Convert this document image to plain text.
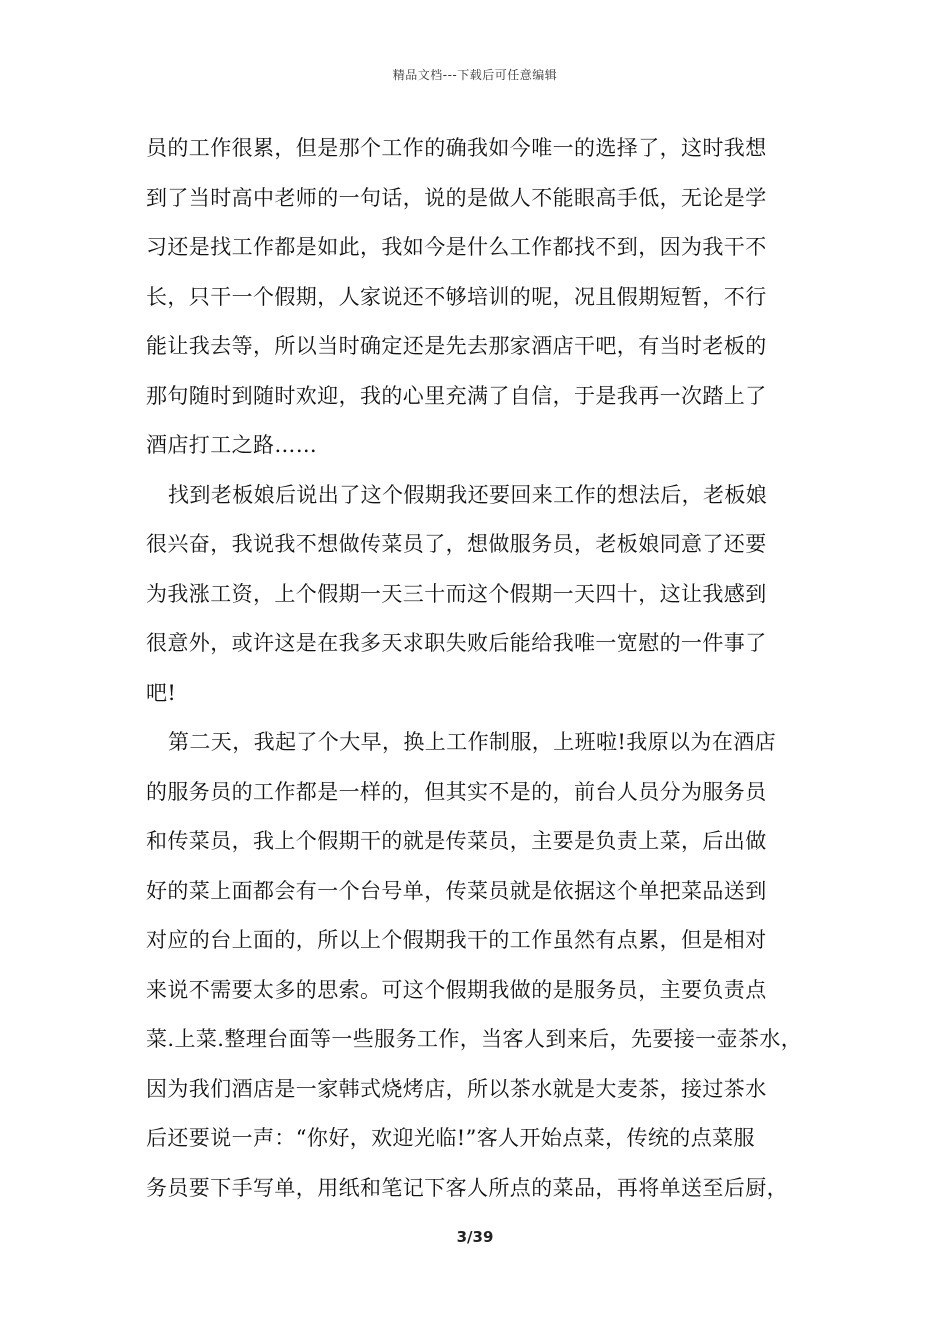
精品文档---下载后可任意编辑
员的工作很累，但是那个工作的确我如今唯一的选择了，这时我想
到了当时高中老师的一句话，说的是做人不能眼高手低，无论是学
习还是找工作都是如此，我如今是什么工作都找不到，因为我干不
长，只干一个假期，人家说还不够培训的呢，况且假期短暂，不行
能让我去等，所以当时确定还是先去那家酒店干吧，有当时老板的
那句随时到随时欢迎，我的心里充满了自信，于是我再一次踏上了
酒店打工之路……
找到老板娘后说出了这个假期我还要回来工作的想法后，老板娘
很兴奋，我说我不想做传菜员了，想做服务员，老板娘同意了还要
为我涨工资，上个假期一天三十而这个假期一天四十，这让我感到
很意外，或许这是在我多天求职失败后能给我唯一宽慰的一件事了
吧!
第二天，我起了个大早，换上工作制服，上班啦!我原以为在酒店
的服务员的工作都是一样的，但其实不是的，前台人员分为服务员
和传菜员，我上个假期干的就是传菜员，主要是负责上菜，后出做
好的菜上面都会有一个台号单，传菜员就是依据这个单把菜品送到
对应的台上面的，所以上个假期我干的工作虽然有点累，但是相对
来说不需要太多的思索。可这个假期我做的是服务员，主要负责点
菜.上菜.整理台面等一些服务工作，当客人到来后，先要接一壶茶水，
因为我们酒店是一家韩式烧烤店，所以茶水就是大麦茶，接过茶水
后还要说一声：“你好，欢迎光临!”客人开始点菜，传统的点菜服
务员要下手写单，用纸和笔记下客人所点的菜品，再将单送至后厨，
3/39
